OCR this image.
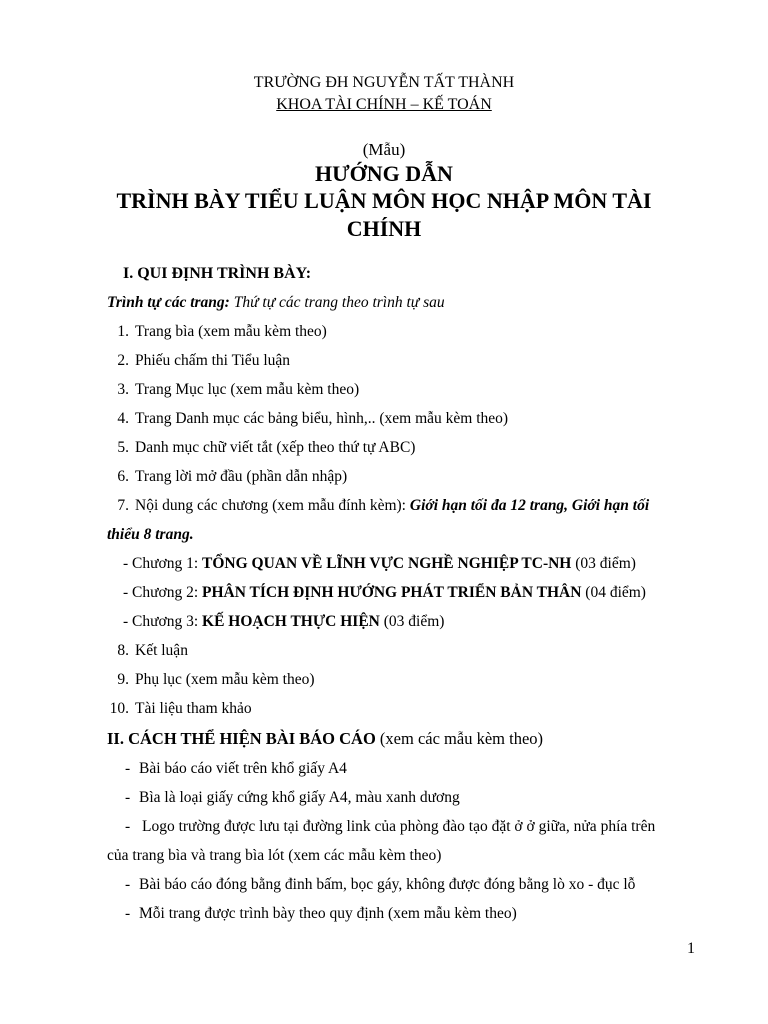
TRƯỜNG ĐH NGUYỄN TẤT THÀNH
KHOA TÀI CHÍNH – KẾ TOÁN
(Mẫu)
HƯỚNG DẪN
TRÌNH BÀY TIỂU LUẬN MÔN HỌC NHẬP MÔN TÀI
CHÍNH
I. QUI ĐỊNH TRÌNH BÀY:
Trình tự các trang: Thứ tự các trang theo trình tự sau
1. Trang bìa (xem mẫu kèm theo)
2. Phiếu chấm thi Tiểu luận
3. Trang Mục lục (xem mẫu kèm theo)
4. Trang Danh mục các bảng biểu, hình,.. (xem mẫu kèm theo)
5. Danh mục chữ viết tắt (xếp theo thứ tự ABC)
6. Trang lời mở đầu (phần dẫn nhập)
7. Nội dung các chương (xem mẫu đính kèm): Giới hạn tối đa 12 trang, Giới hạn tối
thiểu 8 trang.
- Chương 1: TỔNG QUAN VỀ LĨNH VỰC NGHỀ NGHIỆP TC-NH (03 điểm)
- Chương 2: PHÂN TÍCH ĐỊNH HƯỚNG PHÁT TRIỂN BẢN THÂN (04 điểm)
- Chương 3: KẾ HOẠCH THỰC HIỆN (03 điểm)
8. Kết luận
9. Phụ lục (xem mẫu kèm theo)
10. Tài liệu tham khảo
II. CÁCH THỂ HIỆN BÀI BÁO CÁO (xem các mẫu kèm theo)
- Bài báo cáo viết trên khổ giấy A4
- Bìa là loại giấy cứng khổ giấy A4, màu xanh dương
- Logo trường được lưu tại đường link của phòng đào tạo đặt ở ở giữa, nửa phía trên
của trang bìa và trang bìa lót (xem các mẫu kèm theo)
- Bài báo cáo đóng bằng đinh bấm, bọc gáy, không được đóng bằng lò xo - đục lỗ
- Mỗi trang được trình bày theo quy định (xem mẫu kèm theo)
1
